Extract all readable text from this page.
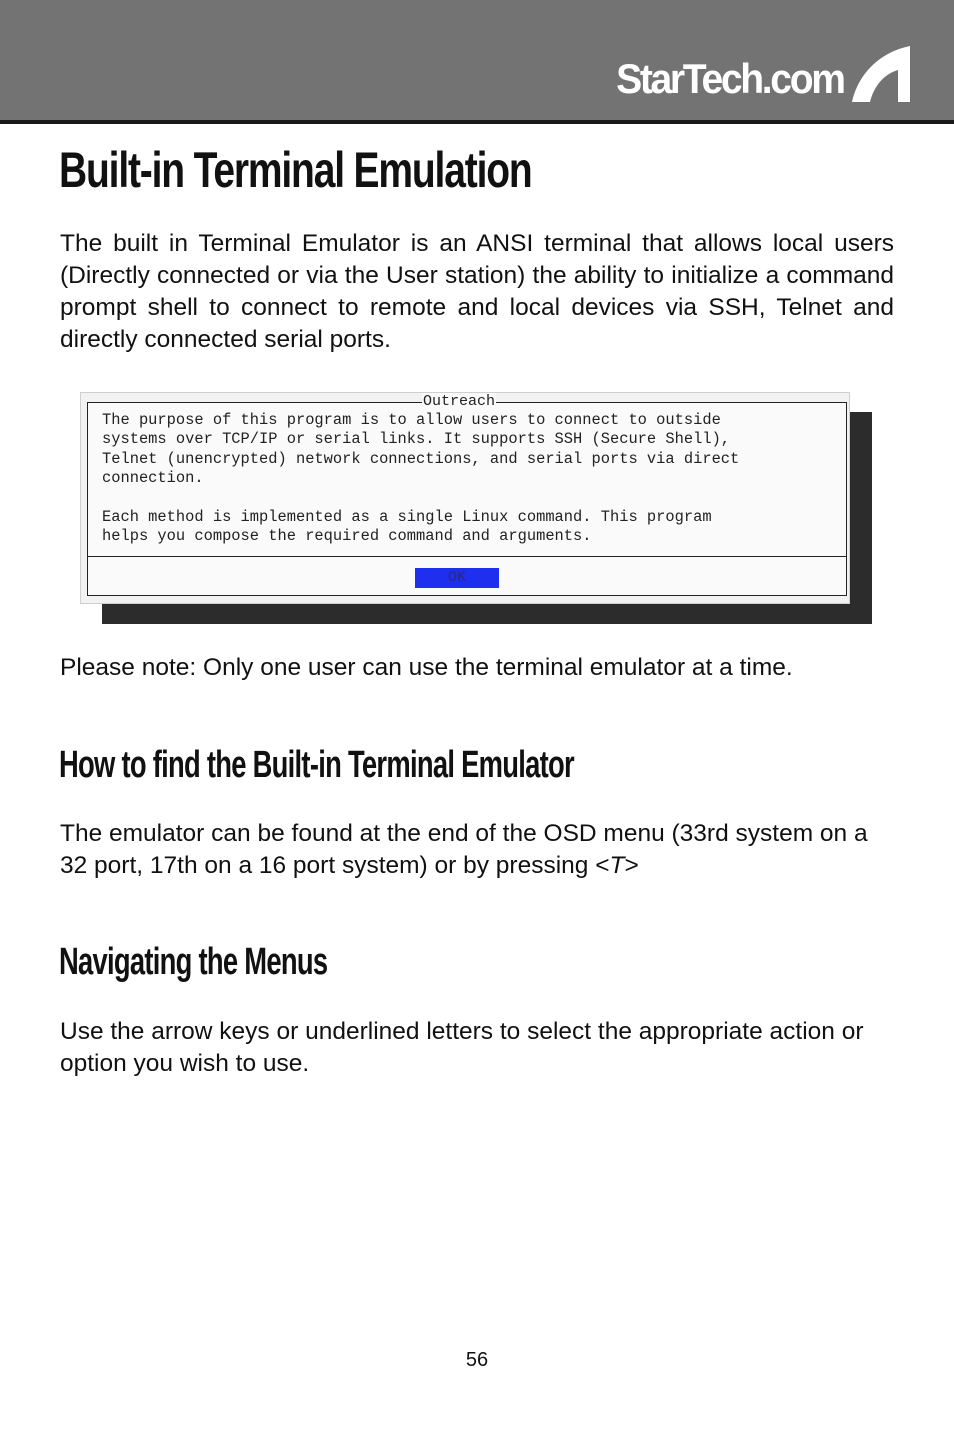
StarTech.com
Built-in Terminal Emulation

The built in Terminal Emulator is an ANSI terminal that allows local users (Directly connected or via the User station) the ability to initialize a command prompt shell to connect to remote and local devices via SSH, Telnet and directly connected serial ports.

Outreach
The purpose of this program is to allow users to connect to outside
systems over TCP/IP or serial links. It supports SSH (Secure Shell),
Telnet (unencrypted) network connections, and serial ports via direct
connection.

Each method is implemented as a single Linux command. This program
helps you compose the required command and arguments.
OK

Please note: Only one user can use the terminal emulator at a time.

How to find the Built-in Terminal Emulator

The emulator can be found at the end of the OSD menu (33rd system on a 32 port, 17th on a 16 port system) or by pressing <T>

Navigating the Menus

Use the arrow keys or underlined letters to select the appropriate action or option you wish to use.

56
